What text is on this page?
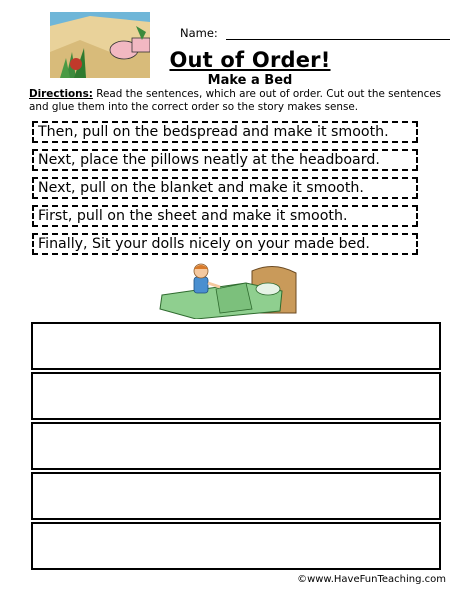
Name:
Out of Order!
Make a Bed
Directions: Read the sentences, which are out of order. Cut out the sentences and glue them into the correct order so the story makes sense.
Then, pull on the bedspread and make it smooth.
Next, place the pillows neatly at the headboard.
Next, pull on the blanket and make it smooth.
First, pull on the sheet and make it smooth.
Finally, Sit your dolls nicely on your made bed.
©www.HaveFunTeaching.com
